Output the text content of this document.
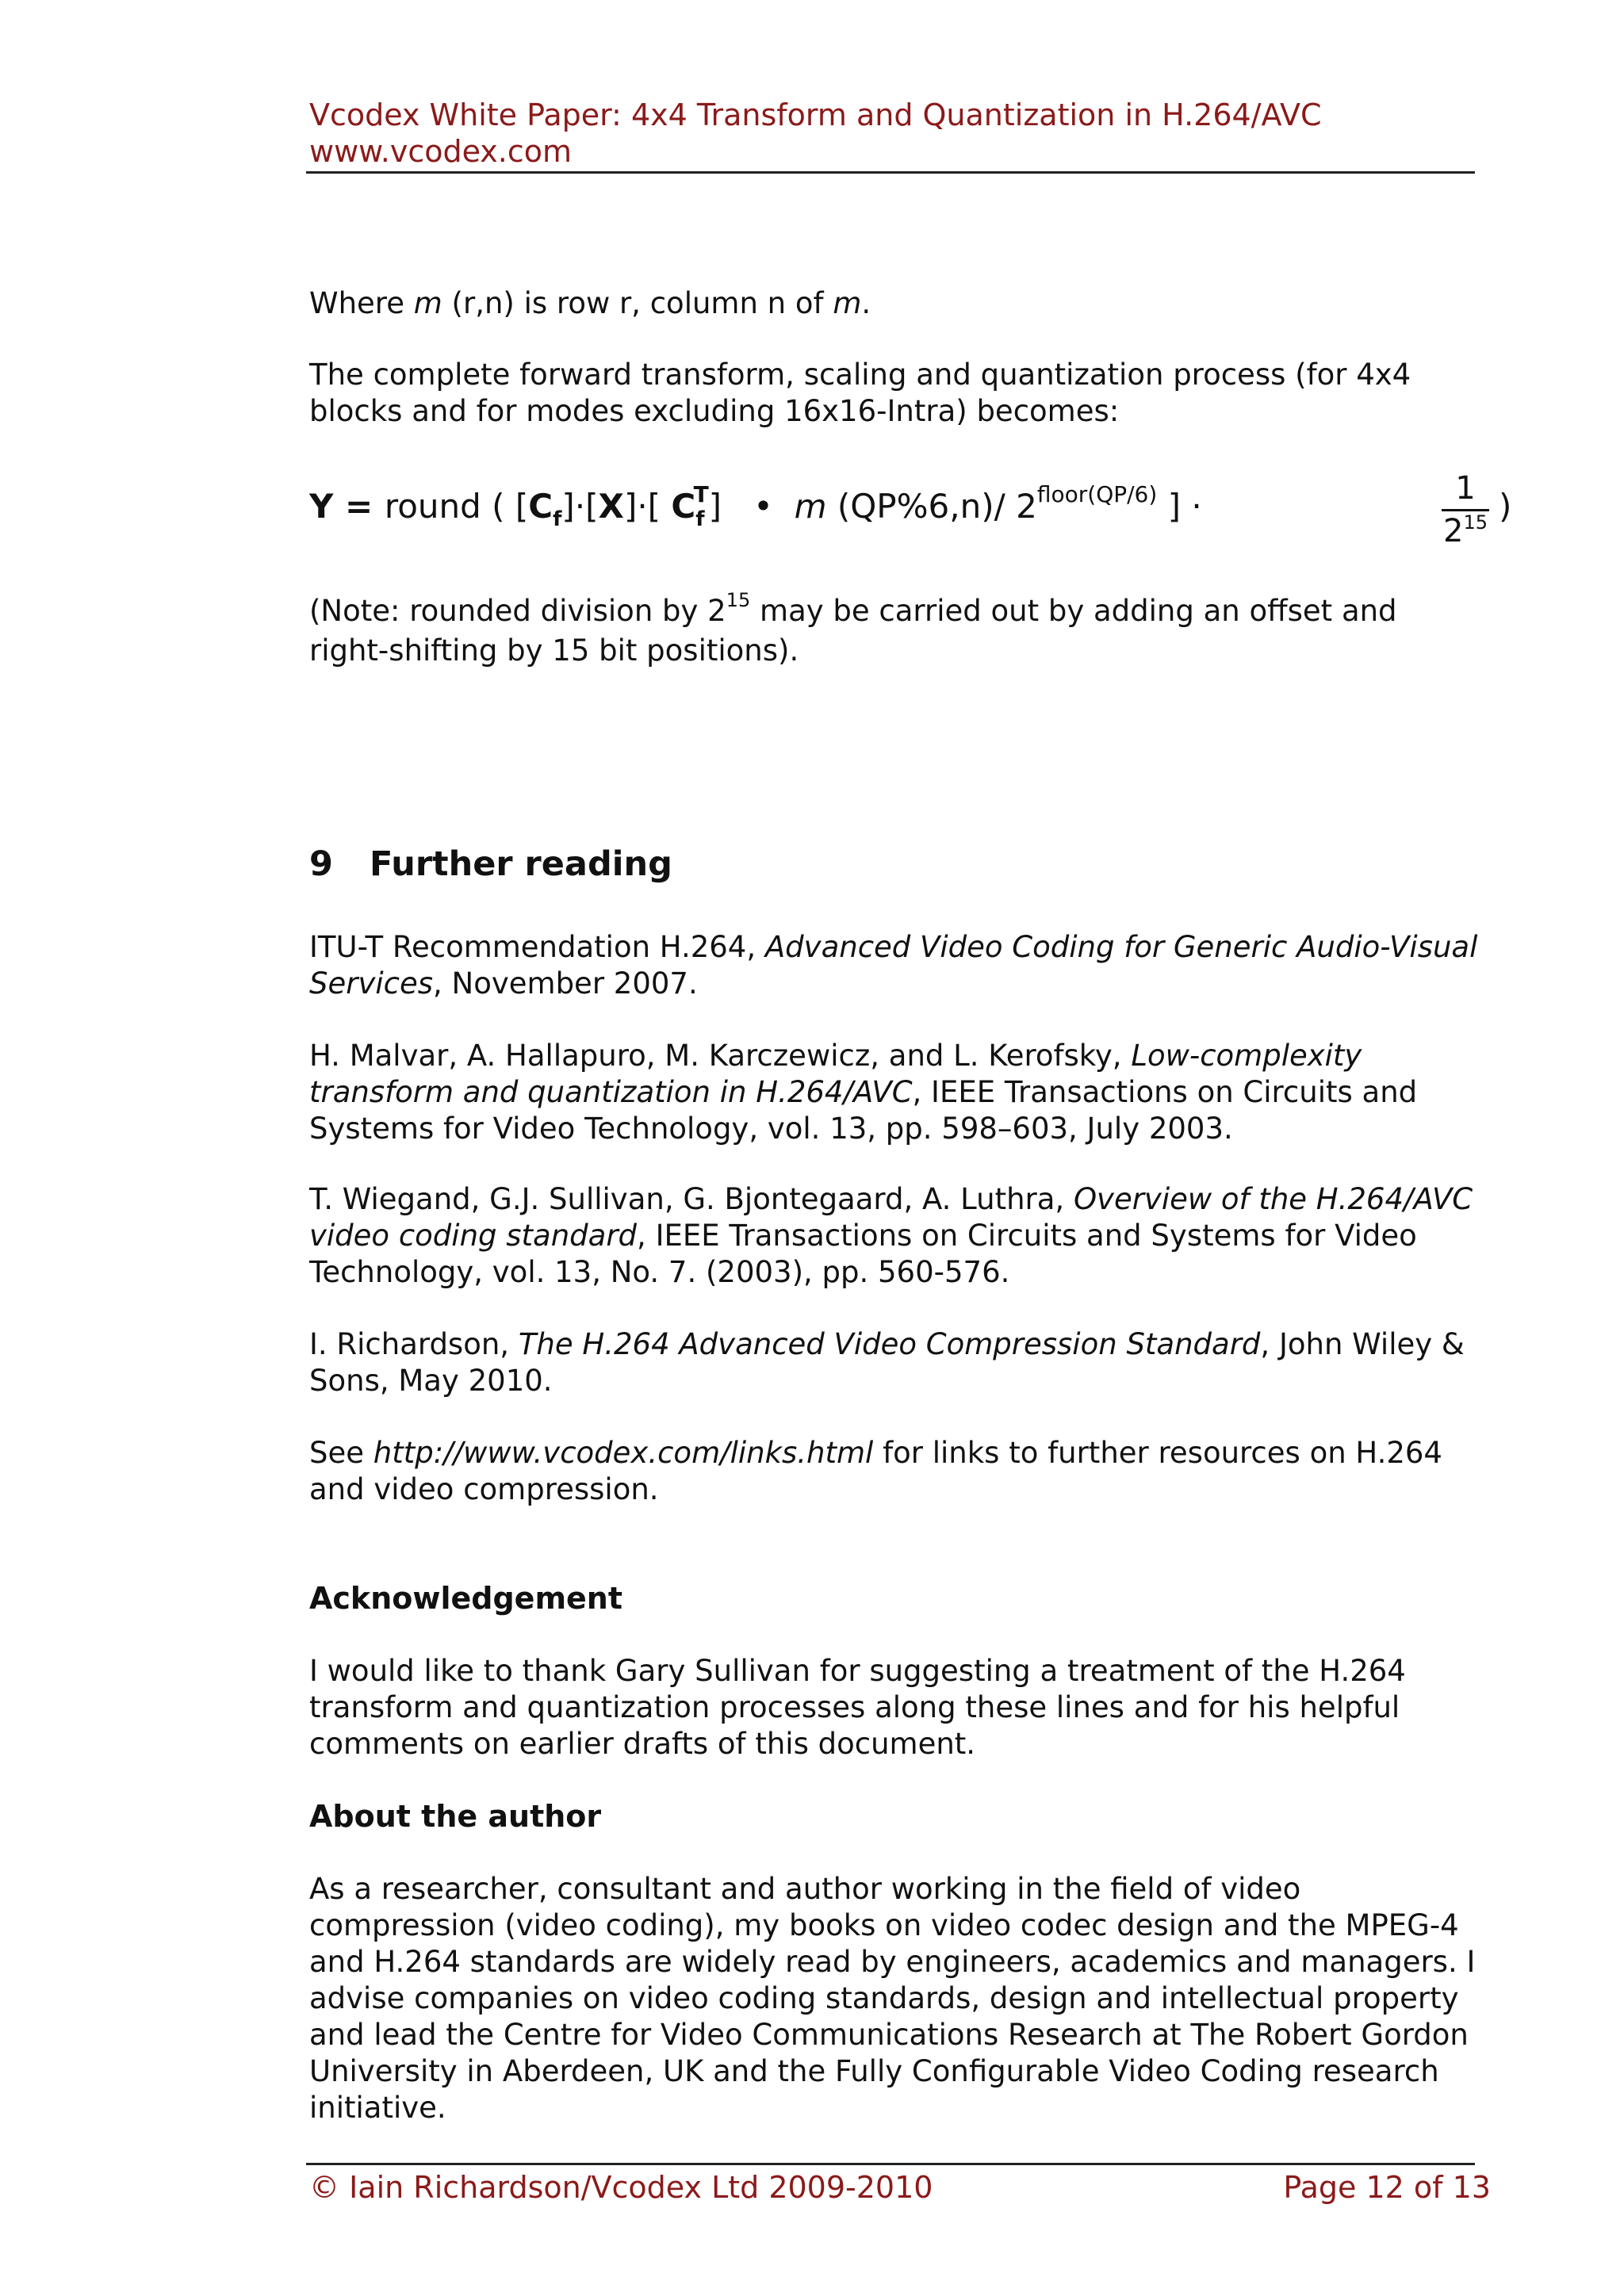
Vcodex White Paper: 4x4 Transform and Quantization in H.264/AVC
www.vcodex.com

Where m (r,n) is row r, column n of m.

The complete forward transform, scaling and quantization process (for 4x4 blocks and for modes excluding 16x16-Intra) becomes:

Y = round ( $[C_f]\cdot[X]\cdot$[ $C_f^T$]   •  m (QP%6,n)/ $2^{floor(QP/6)}$ ] ·	1
$2^{15}$ )

(Note: rounded division by $2^{15}$ may be carried out by adding an offset and right-shifting by 15 bit positions).

9 Further reading

ITU-T Recommendation H.264, Advanced Video Coding for Generic Audio-Visual Services, November 2007.

H. Malvar, A. Hallapuro, M. Karczewicz, and L. Kerofsky, Low-complexity transform and quantization in H.264/AVC, IEEE Transactions on Circuits and Systems for Video Technology, vol. 13, pp. 598–603, July 2003.

T. Wiegand, G.J. Sullivan, G. Bjontegaard, A. Luthra, Overview of the H.264/AVC video coding standard, IEEE Transactions on Circuits and Systems for Video Technology, vol. 13, No. 7. (2003), pp. 560-576.

I. Richardson, The H.264 Advanced Video Compression Standard, John Wiley & Sons, May 2010.

See http://www.vcodex.com/links.html for links to further resources on H.264 and video compression.

Acknowledgement

I would like to thank Gary Sullivan for suggesting a treatment of the H.264 transform and quantization processes along these lines and for his helpful comments on earlier drafts of this document.

About the author

As a researcher, consultant and author working in the field of video compression (video coding), my books on video codec design and the MPEG-4 and H.264 standards are widely read by engineers, academics and managers. I advise companies on video coding standards, design and intellectual property and lead the Centre for Video Communications Research at The Robert Gordon University in Aberdeen, UK and the Fully Configurable Video Coding research initiative.

© Iain Richardson/Vcodex Ltd 2009-2010	Page 12 of 13
